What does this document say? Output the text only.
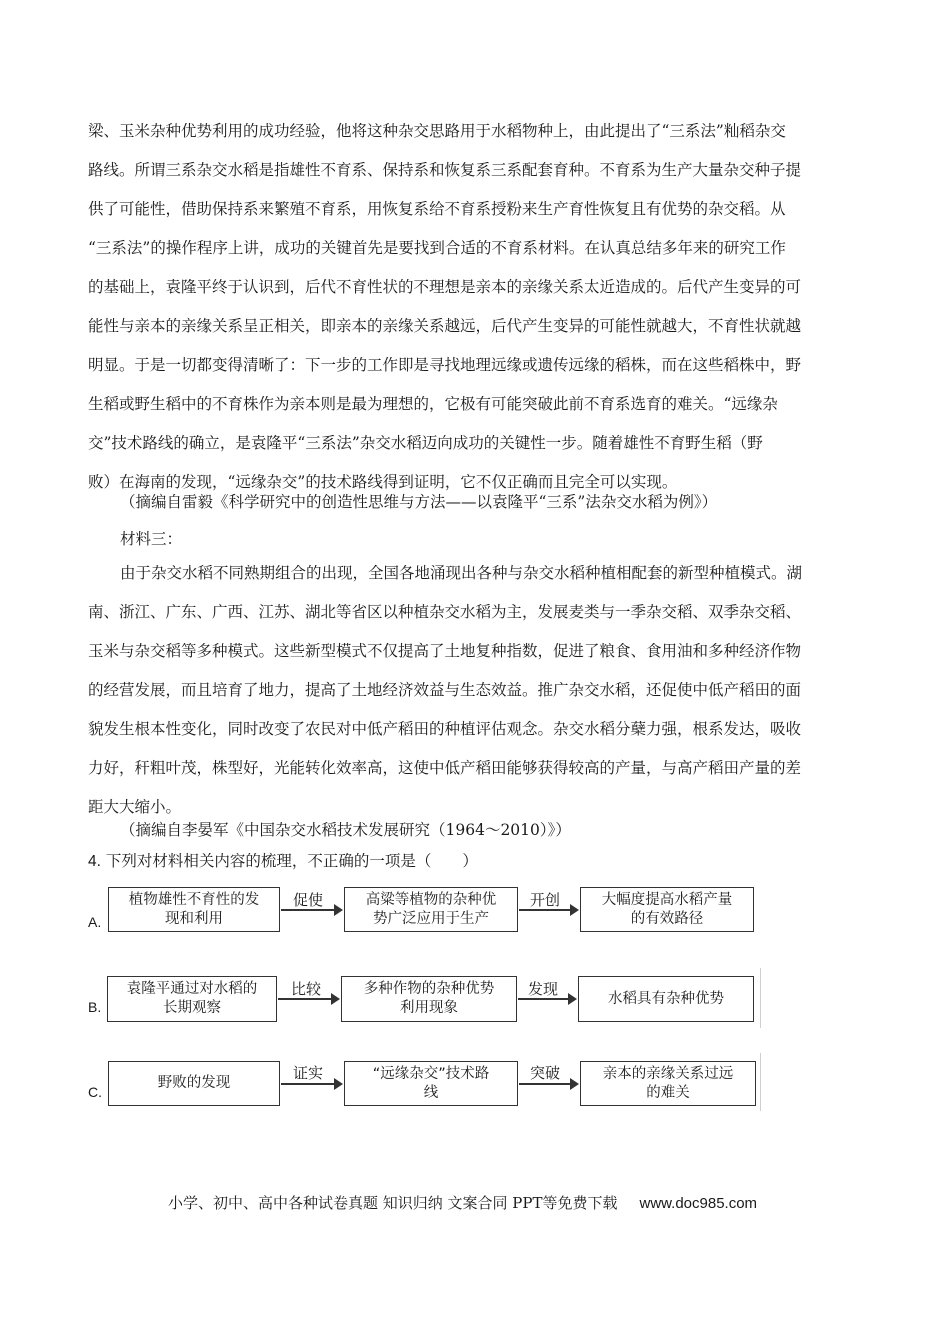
梁、玉米杂种优势利用的成功经验，他将这种杂交思路用于水稻物种上，由此提出了“三系法”籼稻杂交
路线。所谓三系杂交水稻是指雄性不育系、保持系和恢复系三系配套育种。不育系为生产大量杂交种子提
供了可能性，借助保持系来繁殖不育系，用恢复系给不育系授粉来生产育性恢复且有优势的杂交稻。从
“三系法”的操作程序上讲，成功的关键首先是要找到合适的不育系材料。在认真总结多年来的研究工作
的基础上，袁隆平终于认识到，后代不育性状的不理想是亲本的亲缘关系太近造成的。后代产生变异的可
能性与亲本的亲缘关系呈正相关，即亲本的亲缘关系越远，后代产生变异的可能性就越大，不育性状就越
明显。于是一切都变得清晰了：下一步的工作即是寻找地理远缘或遗传远缘的稻株，而在这些稻株中，野
生稻或野生稻中的不育株作为亲本则是最为理想的，它极有可能突破此前不育系选育的难关。“远缘杂
交”技术路线的确立，是袁隆平“三系法”杂交水稻迈向成功的关键性一步。随着雄性不育野生稻（野
败）在海南的发现，“远缘杂交”的技术路线得到证明，它不仅正确而且完全可以实现。
（摘编自雷毅《科学研究中的创造性思维与方法——以袁隆平“三系”法杂交水稻为例》）
材料三：
由于杂交水稻不同熟期组合的出现，全国各地涌现出各种与杂交水稻种植相配套的新型种植模式。湖
南、浙江、广东、广西、江苏、湖北等省区以种植杂交水稻为主，发展麦类与一季杂交稻、双季杂交稻、
玉米与杂交稻等多种模式。这些新型模式不仅提高了土地复种指数，促进了粮食、食用油和多种经济作物
的经营发展，而且培育了地力，提高了土地经济效益与生态效益。推广杂交水稻，还促使中低产稻田的面
貌发生根本性变化，同时改变了农民对中低产稻田的种植评估观念。杂交水稻分蘖力强，根系发达，吸收
力好，秆粗叶茂，株型好，光能转化效率高，这使中低产稻田能够获得较高的产量，与高产稻田产量的差
距大大缩小。
（摘编自李晏军《中国杂交水稻技术发展研究（1964～2010）》）
4. 下列对材料相关内容的梳理，不正确的一项是（　　）
A.
植物雄性不育性的发
现和利用
促使	高粱等植物的杂种优
势广泛应用于生产
开创	大幅度提高水稻产量
的有效路径
B.
袁隆平通过对水稻的
长期观察
比较	多种作物的杂种优势
利用现象
发现
水稻具有杂种优势
C.
野败的发现
证实	“远缘杂交”技术路
线
突破	亲本的亲缘关系过远
的难关
小学、初中、高中各种试卷真题 知识归纳 文案合同 PPT等免费下载 www.doc985.com
